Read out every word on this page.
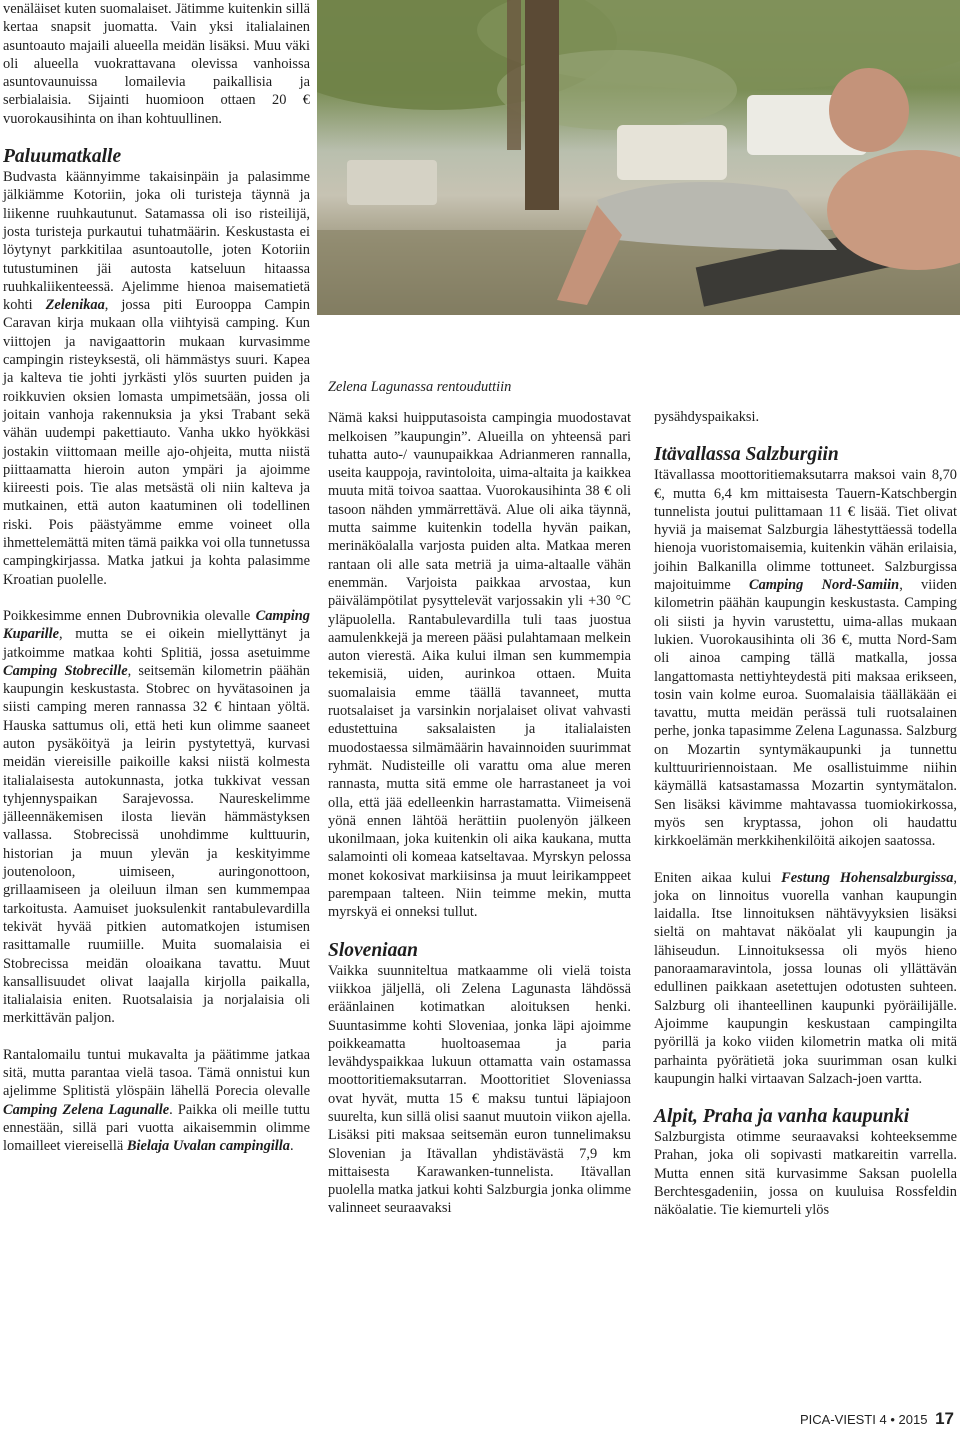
venäläiset kuten suomalaiset. Jätimme kuitenkin sillä kertaa snapsit juomatta. Vain yksi italialainen asuntoauto majaili alueella meidän lisäksi. Muu väki oli alueella vuokrattavana olevissa vanhoissa asuntovaunuissa lomailevia paikallisia ja serbialaisia. Sijainti huomioon ottaen 20 € vuorokausihinta on ihan kohtuullinen.

Paluumatkalle

Budvasta käännyimme takaisinpäin ja palasimme jälkiämme Kotoriin, joka oli turisteja täynnä ja liikenne ruuhkautunut. Satamassa oli iso risteilijä, josta turisteja purkautui tuhatmäärin. Keskustasta ei löytynyt parkkitilaa asuntoautolle, joten Kotoriin tutustuminen jäi autosta katseluun hitaassa ruuhkaliikenteessä. Ajelimme hienoa maisematietä kohti Zelenikaa, jossa piti Eurooppa Campin Caravan kirja mukaan olla viihtyisä camping. Kun viittojen ja navigaattorin mukaan kurvasimme campingin risteyksestä, oli hämmästys suuri. Kapea ja kalteva tie johti jyrkästi ylös suurten puiden ja roikkuvien oksien lomasta umpimetsään, jossa oli joitain vanhoja rakennuksia ja yksi Trabant sekä vähän uudempi pakettiauto. Vanha ukko hyökkäsi jostakin viittomaan meille ajo-ohjeita, mutta niistä piittaamatta hieroin auton ympäri ja ajoimme kiireesti pois. Tie alas metsästä oli niin kalteva ja mutkainen, että auton kaatuminen oli todellinen riski. Pois päästyämme emme voineet olla ihmettelemättä miten tämä paikka voi olla tunnetussa campingkirjassa. Matka jatkui ja kohta palasimme Kroatian puolelle.

Poikkesimme ennen Dubrovnikia olevalle Camping Kuparille, mutta se ei oikein miellyttänyt ja jatkoimme matkaa kohti Splitiä, jossa asetuimme Camping Stobrecille, seitsemän kilometrin päähän kaupungin keskustasta. Stobrec on hyvätasoinen ja siisti camping meren rannassa 32 € hintaan yöltä. Hauska sattumus oli, että heti kun olimme saaneet auton pysäköityä ja leirin pystytettyä, kurvasi meidän viereisille paikoille kaksi niistä kolmesta italialaisesta autokunnasta, jotka tukkivat vessan tyhjennyspaikan Sarajevossa. Naureskelimme jälleennäkemisen ilosta lievän hämmästyksen vallassa. Stobrecissä unohdimme kulttuurin, historian ja muun ylevän ja keskityimme joutenoloon, uimiseen, auringonottoon, grillaamiseen ja oleiluun ilman sen kummempaa tarkoitusta. Aamuiset juoksulenkit rantabulevardilla tekivät hyvää pitkien automatkojen istumisen rasittamalle ruumiille. Muita suomalaisia ei Stobrecissa meidän oloaikana tavattu. Muut kansallisuudet olivat laajalla kirjolla paikalla, italialaisia eniten. Ruotsalaisia ja norjalaisia oli merkittävän paljon.

Rantalomailu tuntui mukavalta ja päätimme jatkaa sitä, mutta parantaa vielä tasoa. Tämä onnistui kun ajelimme Splitistä ylöspäin lähellä Porecia olevalle Camping Zelena Lagunalle. Paikka oli meille tuttu ennestään, sillä pari vuotta aikaisemmin olimme lomailleet viereisellä Bielaja Uvalan campingilla.

Zelena Lagunassa rentouduttiin

Nämä kaksi huipputasoista campingia muodostavat melkoisen ”kaupungin”. Alueilla on yhteensä pari tuhatta auto-/ vaunupaikkaa Adrianmeren rannalla, useita kauppoja, ravintoloita, uima-altaita ja kaikkea muuta mitä toivoa saattaa. Vuorokausihinta 38 € oli tasoon nähden ymmärrettävä. Alue oli aika täynnä, mutta saimme kuitenkin todella hyvän paikan, merinäköalalla varjosta puiden alta. Matkaa meren rantaan oli alle sata metriä ja uima-altaalle vähän enemmän. Varjoista paikkaa arvostaa, kun päivälämpötilat pysyttelevät varjossakin yli +30 °C yläpuolella. Rantabulevardilla tuli taas juostua aamulenkkejä ja mereen pääsi pulahtamaan melkein auton vierestä. Aika kului ilman sen kummempia tekemisiä, uiden, aurinkoa ottaen. Muita suomalaisia emme täällä tavanneet, mutta ruotsalaiset ja varsinkin norjalaiset olivat vahvasti edustettuina saksalaisten ja italialaisten muodostaessa silmämäärin havainnoiden suurimmat ryhmät. Nudisteille oli varattu oma alue meren rannasta, mutta sitä emme ole harrastaneet ja voi olla, että jää edelleenkin harrastamatta. Viimeisenä yönä ennen lähtöä herättiin puolenyön jälkeen ukonilmaan, joka kuitenkin oli aika kaukana, mutta salamointi oli komeaa katseltavaa. Myrskyn pelossa monet kokosivat markiisinsa ja muut leirikamppeet parempaan talteen. Niin teimme mekin, mutta myrskyä ei onneksi tullut.

Sloveniaan

Vaikka suunniteltua matkaamme oli vielä toista viikkoa jäljellä, oli Zelena Lagunasta lähdössä eräänlainen kotimatkan aloituksen henki. Suuntasimme kohti Sloveniaa, jonka läpi ajoimme poikkeamatta huoltoasemaa ja paria levähdyspaikkaa lukuun ottamatta vain ostamassa moottoritiemaksutarran. Moottoritiet Sloveniassa ovat hyvät, mutta 15 € maksu tuntui läpiajoon suurelta, kun sillä olisi saanut muutoin viikon ajella. Lisäksi piti maksaa seitsemän euron tunnelimaksu Slovenian ja Itävallan yhdistävästä 7,9 km mittaisesta Karawanken-tunnelista. Itävallan puolella matka jatkui kohti Salzburgia jonka olimme valinneet seuraavaksi

pysähdyspaikaksi.

Itävallassa Salzburgiin

Itävallassa moottoritiemaksutarra maksoi vain 8,70 €, mutta 6,4 km mittaisesta Tauern-Katschbergin tunnelista joutui pulittamaan 11 € lisää. Tiet olivat hyviä ja maisemat Salzburgia lähestyttäessä todella hienoja vuoristomaisemia, kuitenkin vähän erilaisia, joihin Balkanilla olimme tottuneet. Salzburgissa majoituimme Camping Nord-Samiin, viiden kilometrin päähän kaupungin keskustasta. Camping oli siisti ja hyvin varustettu, uima-allas mukaan lukien. Vuorokausihinta oli 36 €, mutta Nord-Sam oli ainoa camping tällä matkalla, jossa langattomasta nettiyhteydestä piti maksaa erikseen, tosin vain kolme euroa. Suomalaisia täälläkään ei tavattu, mutta meidän perässä tuli ruotsalainen perhe, jonka tapasimme Zelena Lagunassa. Salzburg on Mozartin syntymäkaupunki ja tunnettu kulttuuririennoistaan. Me osallistuimme niihin käymällä katsastamassa Mozartin syntymätalon. Sen lisäksi kävimme mahtavassa tuomiokirkossa, myös sen kryptassa, johon oli haudattu kirkkoelämän merkkihenkilöitä aikojen saatossa.

Eniten aikaa kului Festung Hohensalzburgissa, joka on linnoitus vuorella vanhan kaupungin laidalla. Itse linnoituksen nähtävyyksien lisäksi sieltä on mahtavat näköalat yli kaupungin ja lähiseudun. Linnoituksessa oli myös hieno panoraamaravintola, jossa lounas oli yllättävän edullinen paikkaan asetettujen odotusten suhteen. Salzburg oli ihanteellinen kaupunki pyöräilijälle. Ajoimme kaupungin keskustaan campingilta pyörillä ja koko viiden kilometrin matka oli mitä parhainta pyörätietä joka suurimman osan kulki kaupungin halki virtaavan Salzach-joen vartta.

Alpit, Praha ja vanha kaupunki

Salzburgista otimme seuraavaksi kohteeksemme Prahan, joka oli sopivasti matkareitin varrella. Mutta ennen sitä kurvasimme Saksan puolella Berchtesgadeniin, jossa on kuuluisa Rossfeldin näköalatie. Tie kiemurteli ylös

PICA-VIESTI 4 • 2015 17
